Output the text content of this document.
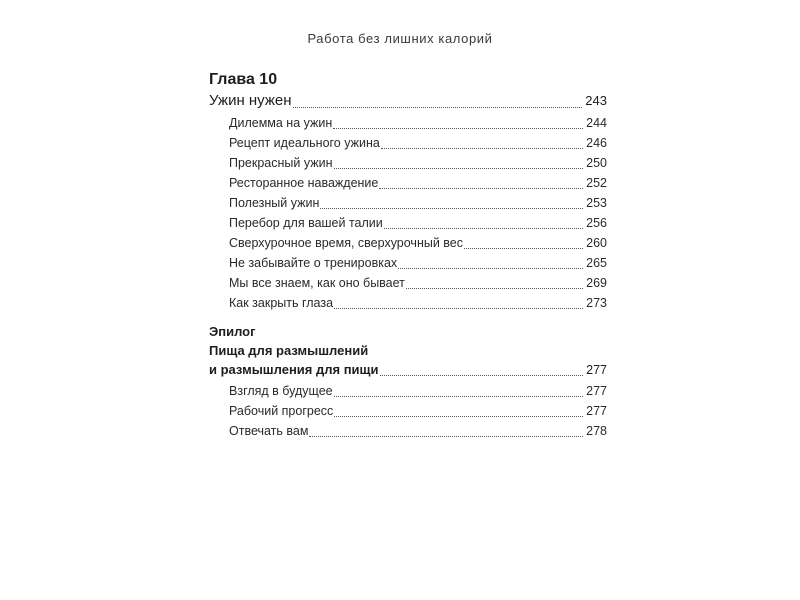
Работа без лишних калорий
Глава 10
Ужин нужен	243
Дилемма на ужин	244
Рецепт идеального ужина	246
Прекрасный ужин	250
Ресторанное наваждение	252
Полезный ужин	253
Перебор для вашей талии	256
Сверхурочное время, сверхурочный вес	260
Не забывайте о тренировках	265
Мы все знаем, как оно бывает	269
Как закрыть глаза	273
Эпилог
Пища для размышлений
и размышления для пищи	277
Взгляд в будущее	277
Рабочий прогресс	277
Отвечать вам	278
